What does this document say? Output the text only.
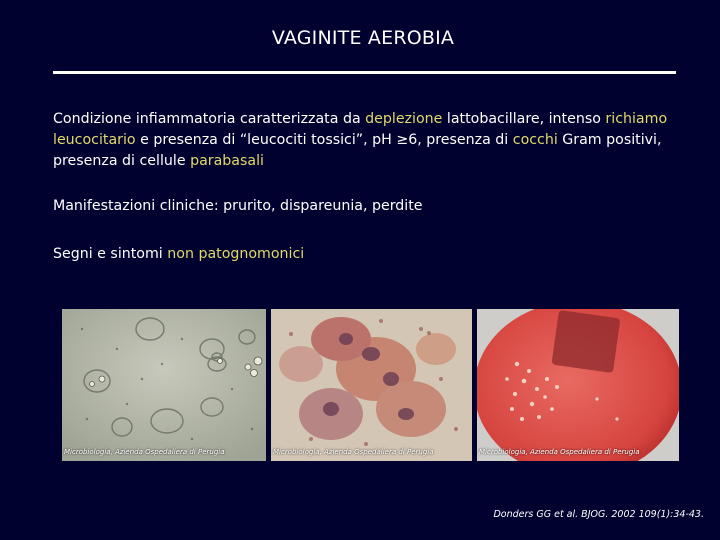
VAGINITE AEROBIA
Condizione infiammatoria caratterizzata da deplezione lattobacillare, intenso richiamo leucocitario e presenza di “leucociti tossici”, pH ≥6, presenza di cocchi Gram positivi, presenza di cellule parabasali
Manifestazioni cliniche: prurito, dispareunia, perdite
Segni e sintomi non patognomonici
Microbiologia, Azienda Ospedaliera di Perugia	Microbiologia, Azienda Ospedaliera di Perugia	Microbiologia, Azienda Ospedaliera di Perugia
Donders GG et al. BJOG. 2002 109(1):34-43.
